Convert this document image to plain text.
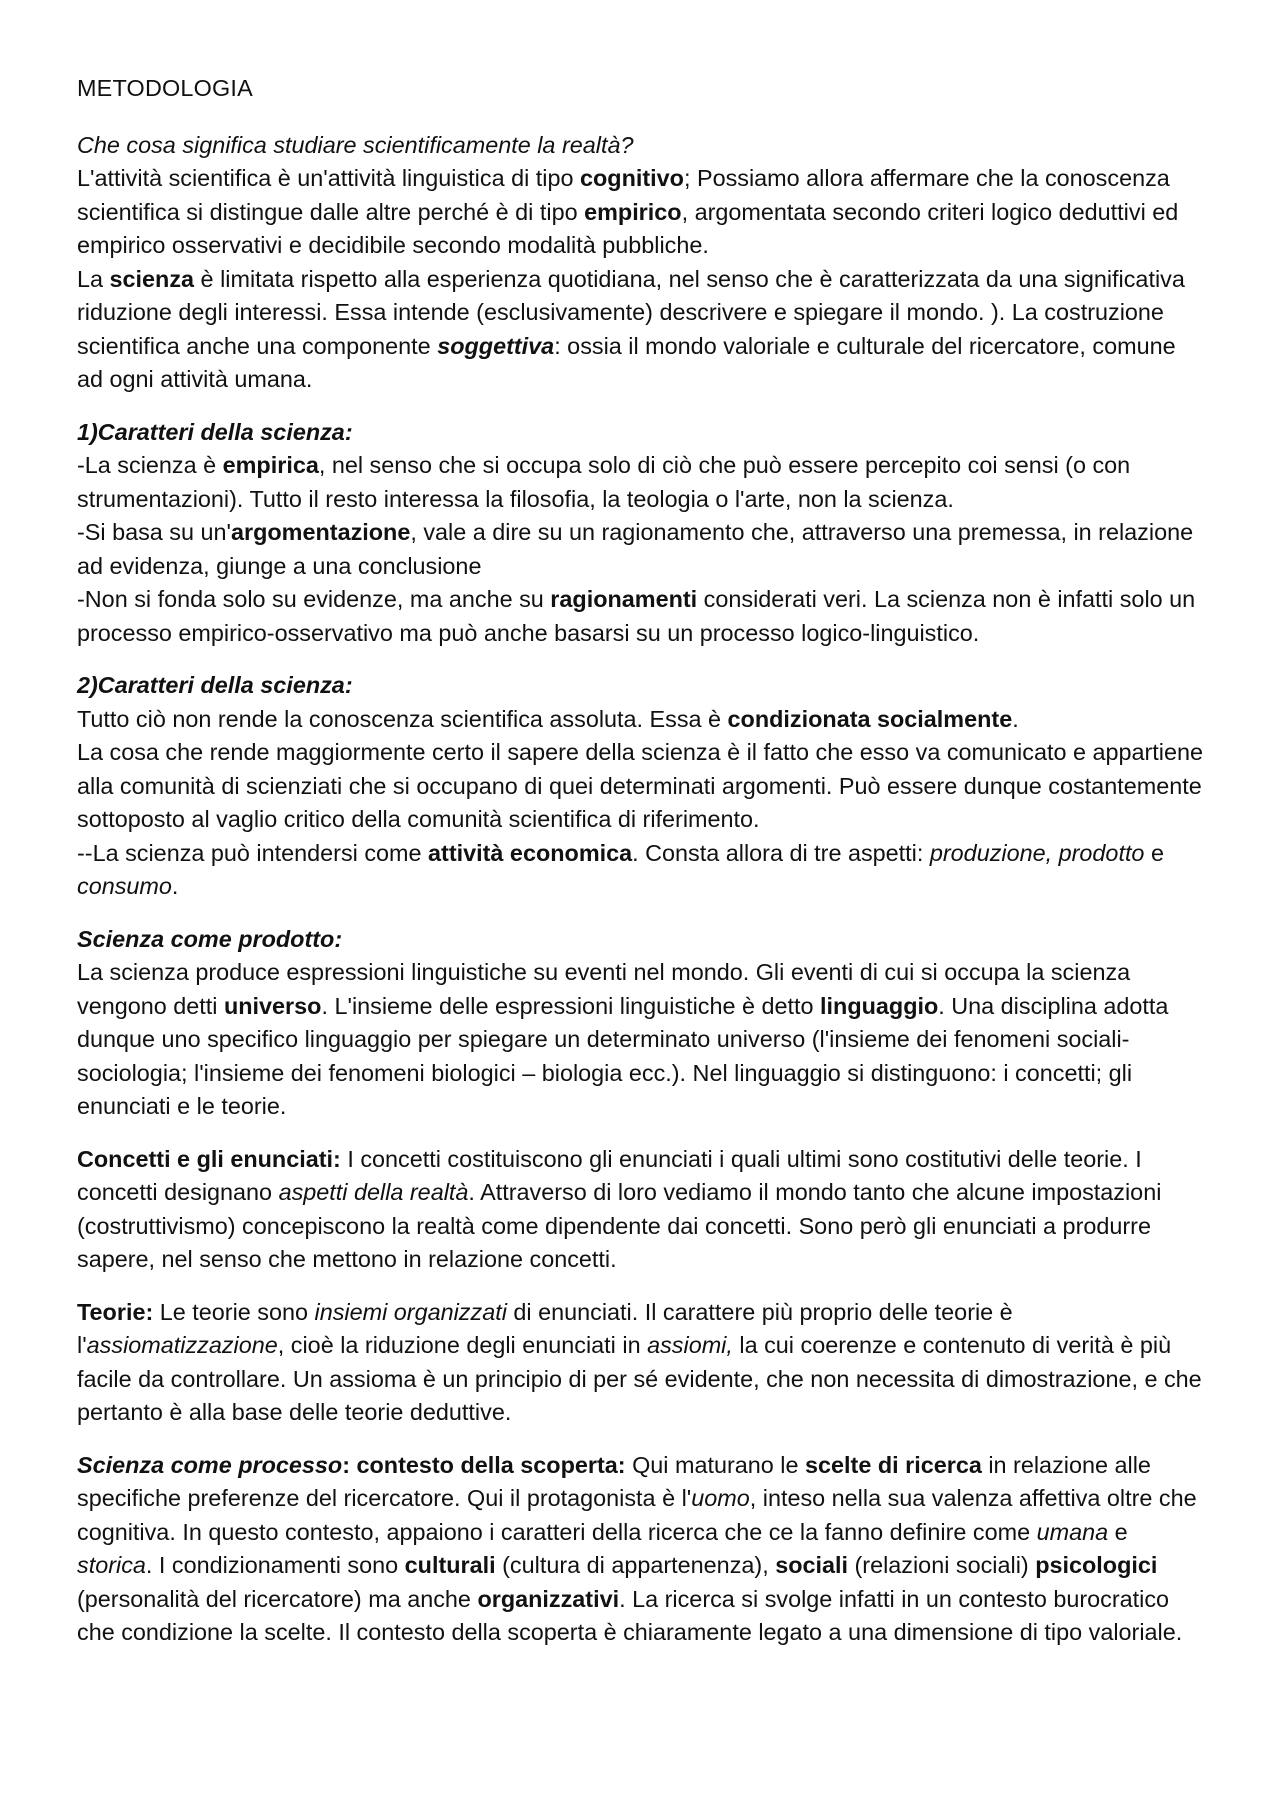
METODOLOGIA

Che cosa significa studiare scientificamente la realtà?

L'attività scientifica è un'attività linguistica di tipo cognitivo; Possiamo allora affermare che la conoscenza scientifica si distingue dalle altre perché è di tipo empirico, argomentata secondo criteri logico deduttivi ed empirico osservativi e decidibile secondo modalità pubbliche.

La scienza è limitata rispetto alla esperienza quotidiana, nel senso che è caratterizzata da una significativa riduzione degli interessi. Essa intende (esclusivamente) descrivere e spiegare il mondo. ). La costruzione scientifica anche una componente soggettiva: ossia il mondo valoriale e culturale del ricercatore, comune ad ogni attività umana.

1)Caratteri della scienza:
-La scienza è empirica, nel senso che si occupa solo di ciò che può essere percepito coi sensi (o con strumentazioni). Tutto il resto interessa la filosofia, la teologia o l'arte, non la scienza.
-Si basa su un'argomentazione, vale a dire su un ragionamento che, attraverso una premessa, in relazione ad evidenza, giunge a una conclusione
-Non si fonda solo su evidenze, ma anche su ragionamenti considerati veri. La scienza non è infatti solo un processo empirico-osservativo ma può anche basarsi su un processo logico-linguistico.

2)Caratteri della scienza:
Tutto ciò non rende la conoscenza scientifica assoluta. Essa è condizionata socialmente.
La cosa che rende maggiormente certo il sapere della scienza è il fatto che esso va comunicato e appartiene alla comunità di scienziati che si occupano di quei determinati argomenti. Può essere dunque costantemente sottoposto al vaglio critico della comunità scientifica di riferimento.
--La scienza può intendersi come attività economica. Consta allora di tre aspetti: produzione, prodotto e consumo.

Scienza come prodotto:
La scienza produce espressioni linguistiche su eventi nel mondo. Gli eventi di cui si occupa la scienza vengono detti universo. L'insieme delle espressioni linguistiche è detto linguaggio. Una disciplina adotta dunque uno specifico linguaggio per spiegare un determinato universo (l'insieme dei fenomeni sociali-sociologia; l'insieme dei fenomeni biologici – biologia ecc.). Nel linguaggio si distinguono: i concetti; gli enunciati e le teorie.

Concetti e gli enunciati: I concetti costituiscono gli enunciati i quali ultimi sono costitutivi delle teorie. I concetti designano aspetti della realtà. Attraverso di loro vediamo il mondo tanto che alcune impostazioni (costruttivismo) concepiscono la realtà come dipendente dai concetti. Sono però gli enunciati a produrre sapere, nel senso che mettono in relazione concetti.

Teorie: Le teorie sono insiemi organizzati di enunciati. Il carattere più proprio delle teorie è l'assiomatizzazione, cioè la riduzione degli enunciati in assiomi, la cui coerenze e contenuto di verità è più facile da controllare. Un assioma è un principio di per sé evidente, che non necessita di dimostrazione, e che pertanto è alla base delle teorie deduttive.

Scienza come processo: contesto della scoperta: Qui maturano le scelte di ricerca in relazione alle specifiche preferenze del ricercatore. Qui il protagonista è l'uomo, inteso nella sua valenza affettiva oltre che cognitiva. In questo contesto, appaiono i caratteri della ricerca che ce la fanno definire come umana e storica. I condizionamenti sono culturali (cultura di appartenenza), sociali (relazioni sociali) psicologici (personalità del ricercatore) ma anche organizzativi. La ricerca si svolge infatti in un contesto burocratico che condizione la scelte. Il contesto della scoperta è chiaramente legato a una dimensione di tipo valoriale.
